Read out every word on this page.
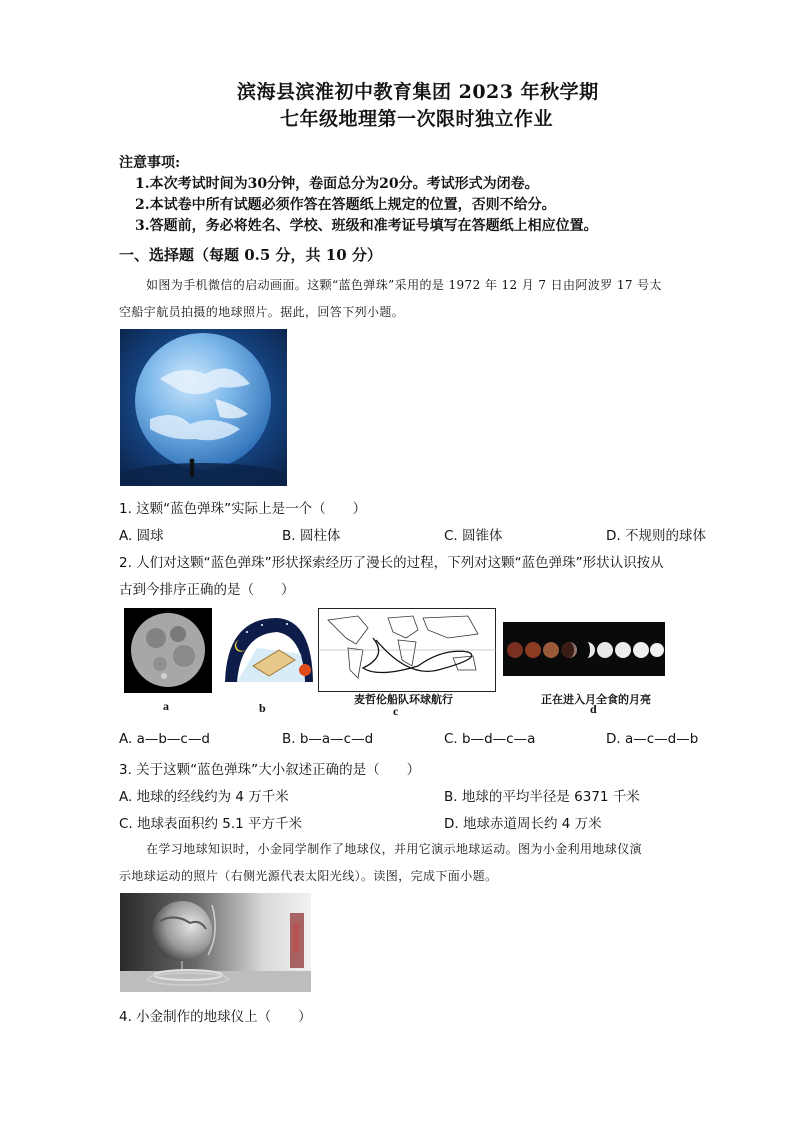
滨海县滨淮初中教育集团 2023 年秋学期
七年级地理第一次限时独立作业
注意事项:
1.本次考试时间为30分钟，卷面总分为20分。考试形式为闭卷。
2.本试卷中所有试题必须作答在答题纸上规定的位置，否则不给分。
3.答题前，务必将姓名、学校、班级和准考证号填写在答题纸上相应位置。
一、选择题（每题 0.5 分，共 10 分）
如图为手机微信的启动画面。这颗“蓝色弹珠”采用的是 1972 年 12 月 7 日由阿波罗 17 号太
空船宇航员拍摄的地球照片。据此，回答下列小题。
1. 这颗“蓝色弹珠”实际上是一个（　　）
A. 圆球	B. 圆柱体	C. 圆锥体	D. 不规则的球体
2. 人们对这颗“蓝色弹珠”形状探索经历了漫长的过程，下列对这颗“蓝色弹珠”形状认识按从
古到今排序正确的是（　　）
a	b
麦哲伦船队环球航行
c
正在进入月全食的月亮
d
A. a—b—c—d	B. b—a—c—d	C. b—d—c—a	D. a—c—d—b
3. 关于这颗“蓝色弹珠”大小叙述正确的是（　　）
A. 地球的经线约为 4 万千米	B. 地球的平均半径是 6371 千米
C. 地球表面积约 5.1 平方千米	D. 地球赤道周长约 4 万米
在学习地球知识时，小金同学制作了地球仪，并用它演示地球运动。图为小金利用地球仪演
示地球运动的照片（右侧光源代表太阳光线）。读图，完成下面小题。
4. 小金制作的地球仪上（　　）
